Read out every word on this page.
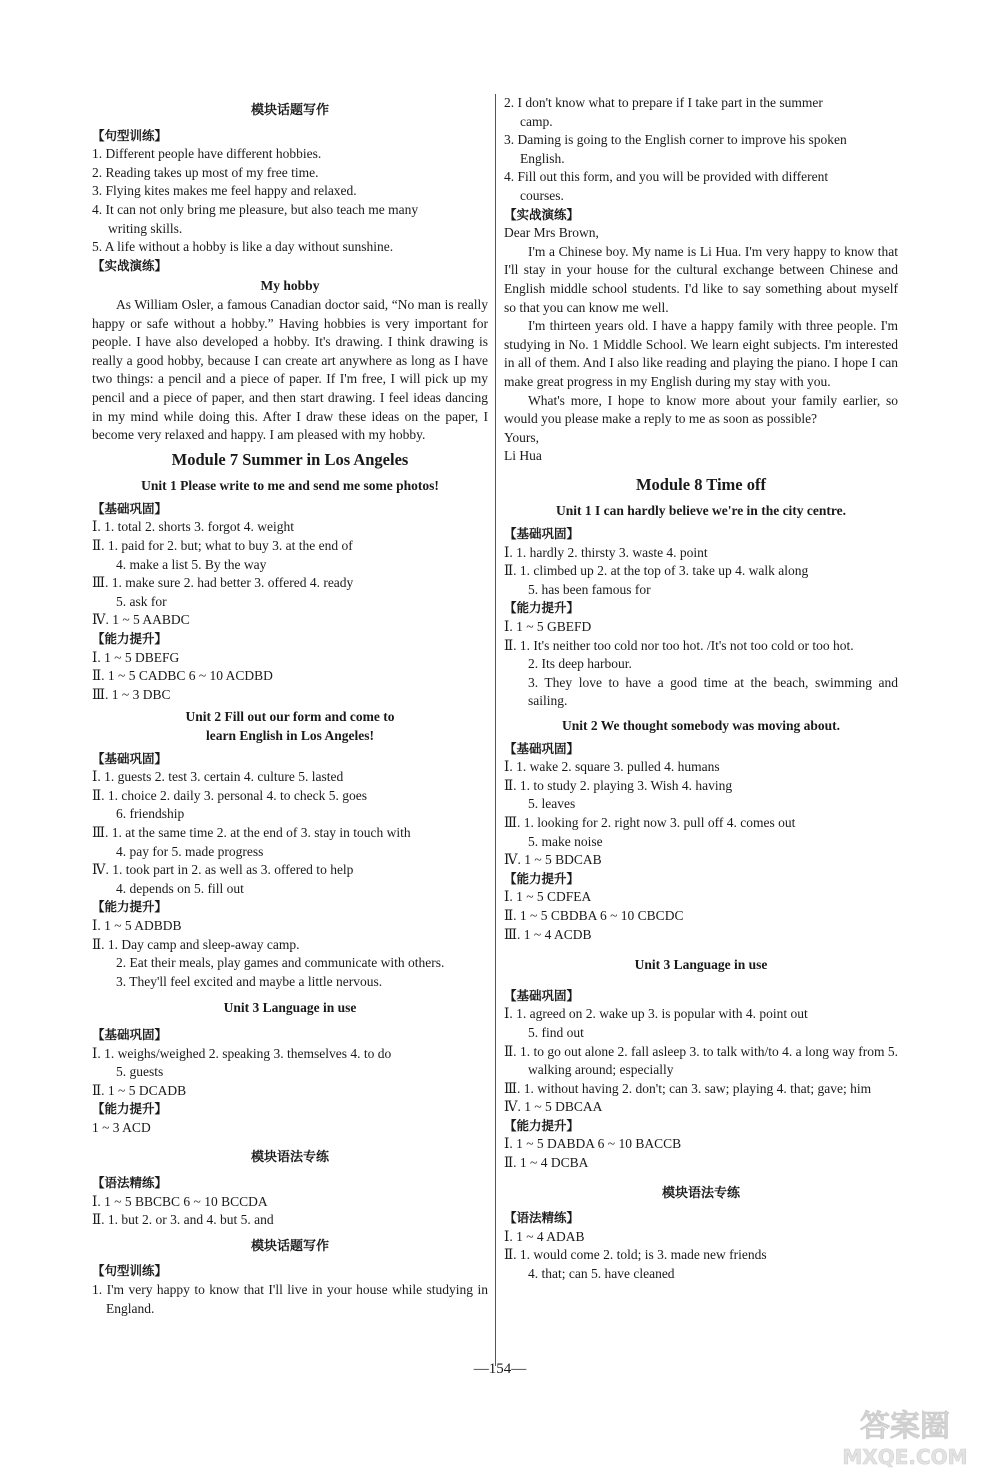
模块话题写作
【句型训练】
1. Different people have different hobbies.
2. Reading takes up most of my free time.
3. Flying kites makes me feel happy and relaxed.
4. It can not only bring me pleasure, but also teach me many
writing skills.
5. A life without a hobby is like a day without sunshine.
【实战演练】
My hobby
As William Osler, a famous Canadian doctor said, “No man is really happy or safe without a hobby.” Having hobbies is very important for people. I have also developed a hobby. It's drawing. I think drawing is really a good hobby, because I can create art anywhere as long as I have two things: a pencil and a piece of paper. If I'm free, I will pick up my pencil and a piece of paper, and then start drawing. I feel ideas dancing in my mind while doing this. After I draw these ideas on the paper, I become very relaxed and happy. I am pleased with my hobby.
Module 7 Summer in Los Angeles
Unit 1 Please write to me and send me some photos!
【基础巩固】
Ⅰ. 1. total 2. shorts 3. forgot 4. weight
Ⅱ. 1. paid for 2. but; what to buy 3. at the end of
4. make a list 5. By the way
Ⅲ. 1. make sure 2. had better 3. offered 4. ready
5. ask for
Ⅳ. 1 ~ 5 AABDC
【能力提升】
Ⅰ. 1 ~ 5 DBEFG
Ⅱ. 1 ~ 5 CADBC 6 ~ 10 ACDBD
Ⅲ. 1 ~ 3 DBC
Unit 2 Fill out our form and come to
learn English in Los Angeles!
【基础巩固】
Ⅰ. 1. guests 2. test 3. certain 4. culture 5. lasted
Ⅱ. 1. choice 2. daily 3. personal 4. to check 5. goes
6. friendship
Ⅲ. 1. at the same time 2. at the end of 3. stay in touch with
4. pay for 5. made progress
Ⅳ. 1. took part in 2. as well as 3. offered to help
4. depends on 5. fill out
【能力提升】
Ⅰ. 1 ~ 5 ADBDB
Ⅱ. 1. Day camp and sleep-away camp.
2. Eat their meals, play games and communicate with others.
3. They'll feel excited and maybe a little nervous.
Unit 3 Language in use
【基础巩固】
Ⅰ. 1. weighs/weighed 2. speaking 3. themselves 4. to do
5. guests
Ⅱ. 1 ~ 5 DCADB
【能力提升】
1 ~ 3 ACD
模块语法专练
【语法精练】
Ⅰ. 1 ~ 5 BBCBC 6 ~ 10 BCCDA
Ⅱ. 1. but 2. or 3. and 4. but 5. and
模块话题写作
【句型训练】
1. I'm very happy to know that I'll live in your house while studying in England.
2. I don't know what to prepare if I take part in the summer
camp.
3. Daming is going to the English corner to improve his spoken
English.
4. Fill out this form, and you will be provided with different
courses.
【实战演练】
Dear Mrs Brown,
I'm a Chinese boy. My name is Li Hua. I'm very happy to know that I'll stay in your house for the cultural exchange between Chinese and English middle school students. I'd like to say something about myself so that you can know me well.
I'm thirteen years old. I have a happy family with three people. I'm studying in No. 1 Middle School. We learn eight subjects. I'm interested in all of them. And I also like reading and playing the piano. I hope I can make great progress in my English during my stay with you.
What's more, I hope to know more about your family earlier, so would you please make a reply to me as soon as possible?
Yours,
Li Hua
Module 8 Time off
Unit 1 I can hardly believe we're in the city centre.
【基础巩固】
Ⅰ. 1. hardly 2. thirsty 3. waste 4. point
Ⅱ. 1. climbed up 2. at the top of 3. take up 4. walk along
5. has been famous for
【能力提升】
Ⅰ. 1 ~ 5 GBEFD
Ⅱ. 1. It's neither too cold nor too hot. /It's not too cold or too hot.
2. Its deep harbour.
3. They love to have a good time at the beach, swimming and sailing.
Unit 2 We thought somebody was moving about.
【基础巩固】
Ⅰ. 1. wake 2. square 3. pulled 4. humans
Ⅱ. 1. to study 2. playing 3. Wish 4. having
5. leaves
Ⅲ. 1. looking for 2. right now 3. pull off 4. comes out
5. make noise
Ⅳ. 1 ~ 5 BDCAB
【能力提升】
Ⅰ. 1 ~ 5 CDFEA
Ⅱ. 1 ~ 5 CBDBA 6 ~ 10 CBCDC
Ⅲ. 1 ~ 4 ACDB
Unit 3 Language in use
【基础巩固】
Ⅰ. 1. agreed on 2. wake up 3. is popular with 4. point out
5. find out
Ⅱ. 1. to go out alone 2. fall asleep 3. to talk with/to 4. a long way from 5. walking around; especially
Ⅲ. 1. without having 2. don't; can 3. saw; playing 4. that; gave; him
Ⅳ. 1 ~ 5 DBCAA
【能力提升】
Ⅰ. 1 ~ 5 DABDA 6 ~ 10 BACCB
Ⅱ. 1 ~ 4 DCBA
模块语法专练
【语法精练】
Ⅰ. 1 ~ 4 ADAB
Ⅱ. 1. would come 2. told; is 3. made new friends
4. that; can 5. have cleaned
—154—
答案圈
MXQE.COM
